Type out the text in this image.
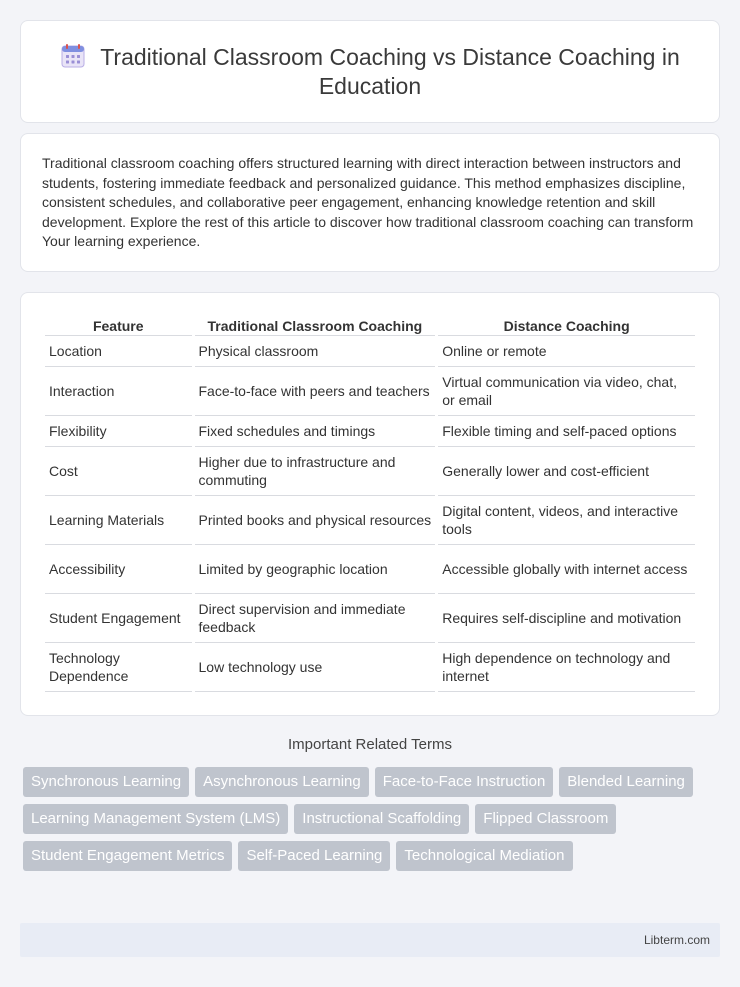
Traditional Classroom Coaching vs Distance Coaching in Education

Traditional classroom coaching offers structured learning with direct interaction between instructors and students, fostering immediate feedback and personalized guidance. This method emphasizes discipline, consistent schedules, and collaborative peer engagement, enhancing knowledge retention and skill development. Explore the rest of this article to discover how traditional classroom coaching can transform Your learning experience.

Feature	Traditional Classroom Coaching	Distance Coaching
Location	Physical classroom	Online or remote
Interaction	Face-to-face with peers and teachers	Virtual communication via video, chat, or email
Flexibility	Fixed schedules and timings	Flexible timing and self-paced options
Cost	Higher due to infrastructure and commuting	Generally lower and cost-efficient
Learning Materials	Printed books and physical resources	Digital content, videos, and interactive tools
Accessibility	Limited by geographic location	Accessible globally with internet access
Student Engagement	Direct supervision and immediate feedback	Requires self-discipline and motivation
Technology Dependence	Low technology use	High dependence on technology and internet
Important Related Terms
Synchronous Learning	Asynchronous Learning	Face-to-Face Instruction	Blended Learning
Learning Management System (LMS)	Instructional Scaffolding	Flipped Classroom
Student Engagement Metrics	Self-Paced Learning	Technological Mediation
Libterm.com
